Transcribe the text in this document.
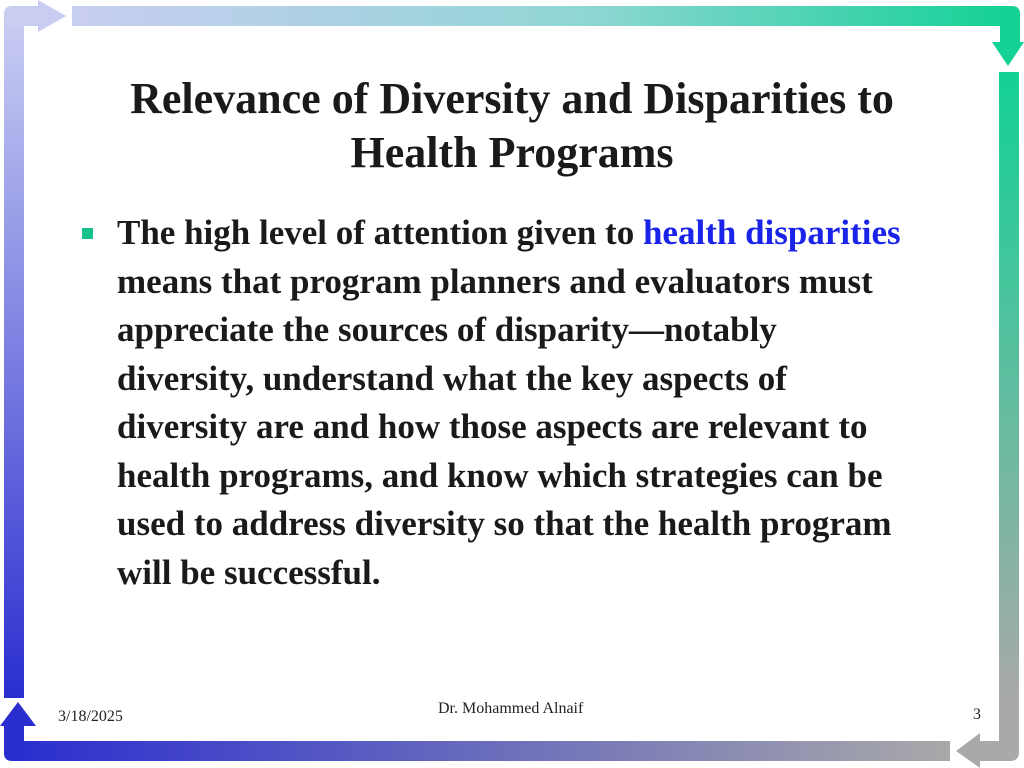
Relevance of Diversity and Disparities to
Health Programs

The high level of attention given to health disparities means that program planners and evaluators must appreciate the sources of disparity—notably diversity, understand what the key aspects of diversity are and how those aspects are relevant to health programs, and know which strategies can be used to address diversity so that the health program will be successful.

3/18/2025	Dr. Mohammed Alnaif	3
